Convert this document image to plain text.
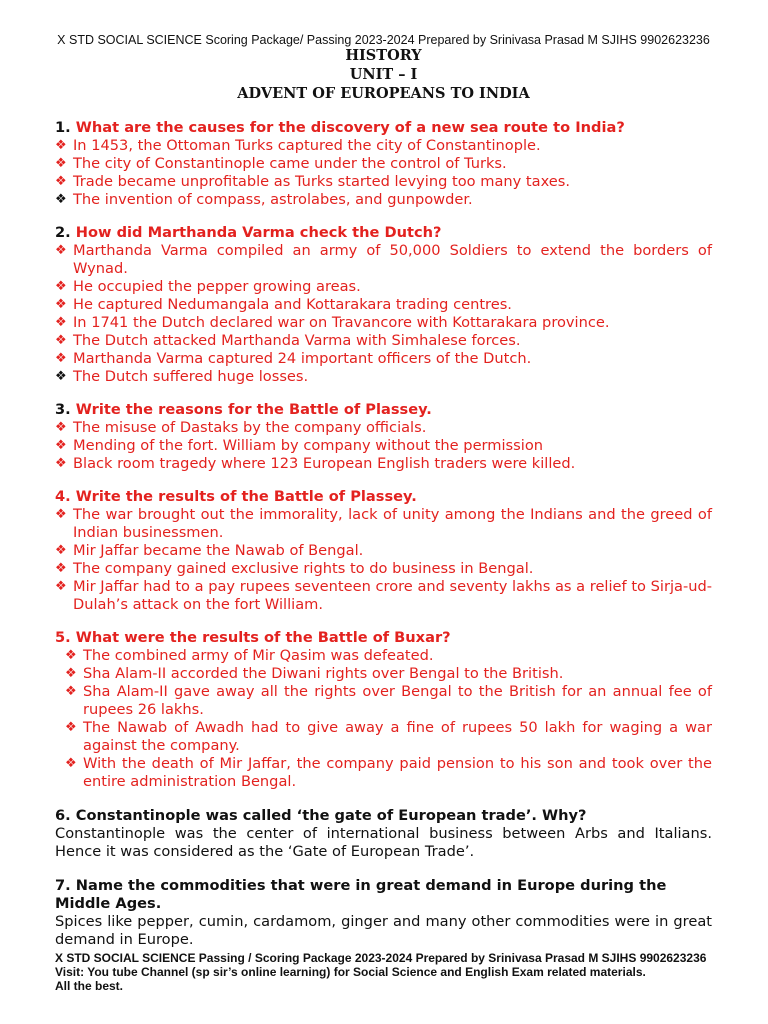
X STD SOCIAL SCIENCE Scoring Package/ Passing 2023-2024 Prepared by Srinivasa Prasad M SJIHS 9902623236
HISTORY
UNIT – I
ADVENT OF EUROPEANS TO INDIA
1. What are the causes for the discovery of a new sea route to India?
❖ In 1453, the Ottoman Turks captured the city of Constantinople.
❖ The city of Constantinople came under the control of Turks.
❖ Trade became unprofitable as Turks started levying too many taxes.
❖ The invention of compass, astrolabes, and gunpowder.
2. How did Marthanda Varma check the Dutch?
❖ Marthanda Varma compiled an army of 50,000 Soldiers to extend the borders of Wynad.
❖ He occupied the pepper growing areas.
❖ He captured Nedumangala and Kottarakara trading centres.
❖ In 1741 the Dutch declared war on Travancore with Kottarakara province.
❖ The Dutch attacked Marthanda Varma with Simhalese forces.
❖ Marthanda Varma captured 24 important officers of the Dutch.
❖ The Dutch suffered huge losses.
3. Write the reasons for the Battle of Plassey.
❖ The misuse of Dastaks by the company officials.
❖ Mending of the fort. William by company without the permission
❖ Black room tragedy where 123 European English traders were killed.
4. Write the results of the Battle of Plassey.
❖ The war brought out the immorality, lack of unity among the Indians and the greed of Indian businessmen.
❖ Mir Jaffar became the Nawab of Bengal.
❖ The company gained exclusive rights to do business in Bengal.
❖ Mir Jaffar had to a pay rupees seventeen crore and seventy lakhs as a relief to Sirja-ud-Dulah’s attack on the fort William.
5. What were the results of the Battle of Buxar?
❖ The combined army of Mir Qasim was defeated.
❖ Sha Alam-II accorded the Diwani rights over Bengal to the British.
❖ Sha Alam-II gave away all the rights over Bengal to the British for an annual fee of rupees 26 lakhs.
❖ The Nawab of Awadh had to give away a fine of rupees 50 lakh for waging a war against the company.
❖ With the death of Mir Jaffar, the company paid pension to his son and took over the entire administration Bengal.
6. Constantinople was called ‘the gate of European trade’. Why?
Constantinople was the center of international business between Arbs and Italians. Hence it was considered as the ‘Gate of European Trade’.
7. Name the commodities that were in great demand in Europe during the Middle Ages.
Spices like pepper, cumin, cardamom, ginger and many other commodities were in great demand in Europe.
X STD SOCIAL SCIENCE Passing / Scoring Package 2023-2024 Prepared by Srinivasa Prasad M SJIHS 9902623236
Visit: You tube Channel (sp sir’s online learning) for Social Science and English Exam related materials.
All the best.
